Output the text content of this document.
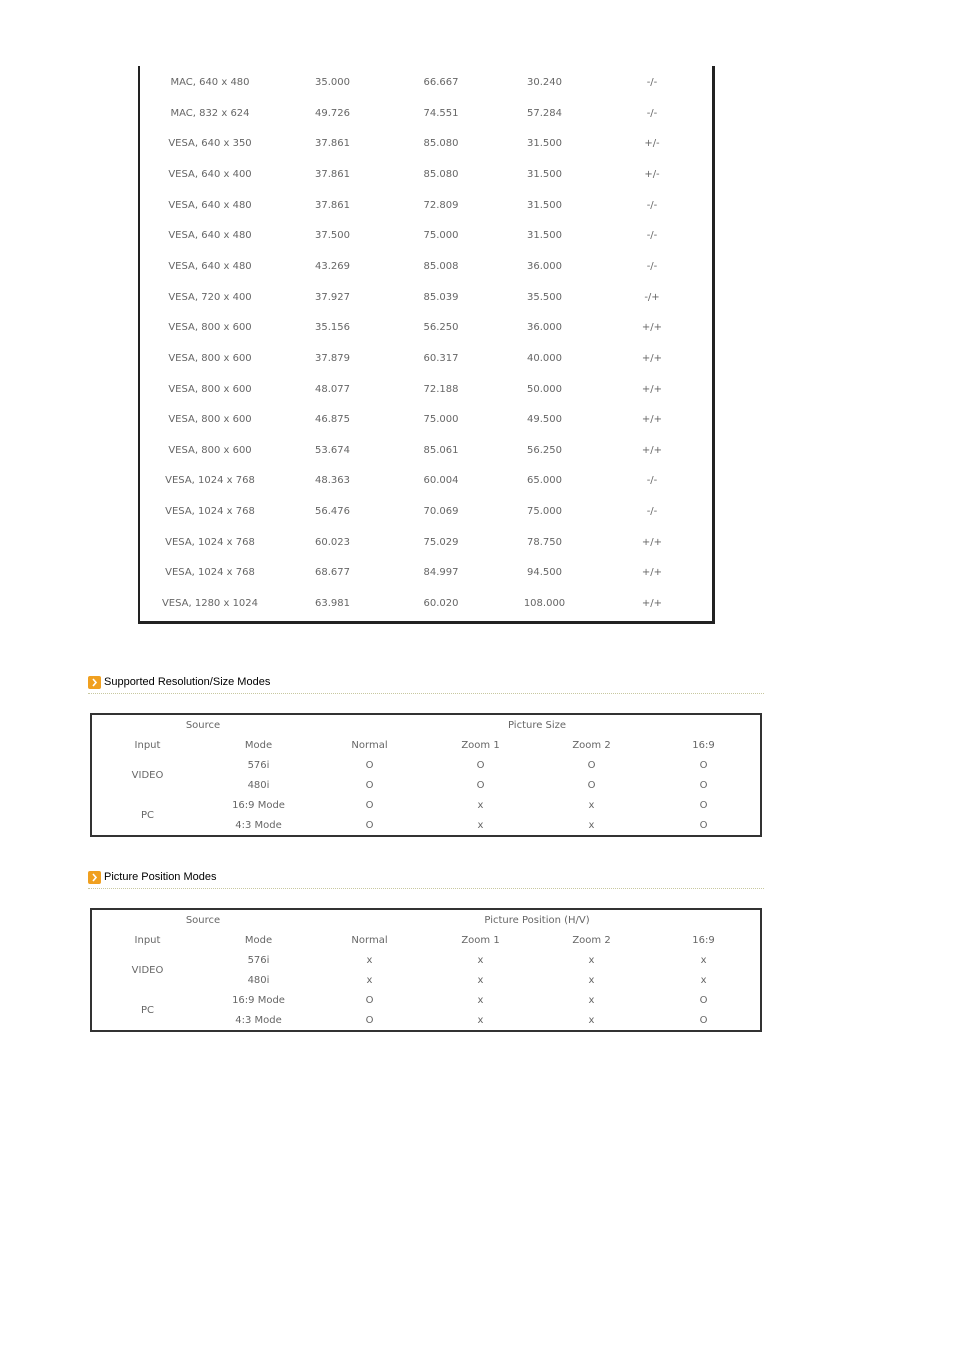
MAC, 640 x 480	35.000	66.667	30.240	-/-
MAC, 832 x 624	49.726	74.551	57.284	-/-
VESA, 640 x 350	37.861	85.080	31.500	+/-
VESA, 640 x 400	37.861	85.080	31.500	+/-
VESA, 640 x 480	37.861	72.809	31.500	-/-
VESA, 640 x 480	37.500	75.000	31.500	-/-
VESA, 640 x 480	43.269	85.008	36.000	-/-
VESA, 720 x 400	37.927	85.039	35.500	-/+
VESA, 800 x 600	35.156	56.250	36.000	+/+
VESA, 800 x 600	37.879	60.317	40.000	+/+
VESA, 800 x 600	48.077	72.188	50.000	+/+
VESA, 800 x 600	46.875	75.000	49.500	+/+
VESA, 800 x 600	53.674	85.061	56.250	+/+
VESA, 1024 x 768	48.363	60.004	65.000	-/-
VESA, 1024 x 768	56.476	70.069	75.000	-/-
VESA, 1024 x 768	60.023	75.029	78.750	+/+
VESA, 1024 x 768	68.677	84.997	94.500	+/+
VESA, 1280 x 1024	63.981	60.020	108.000	+/+
Supported Resolution/Size Modes
Source		Picture Size			
Input	Mode	Normal	Zoom 1	Zoom 2	16:9
VIDEO	576i	O	O	O	O
	480i	O	O	O	O
PC	16:9 Mode	O	x	x	O
	4:3 Mode	O	x	x	O
Picture Position Modes
Source		Picture Position (H/V)			
Input	Mode	Normal	Zoom 1	Zoom 2	16:9
VIDEO	576i	x	x	x	x
	480i	x	x	x	x
PC	16:9 Mode	O	x	x	O
	4:3 Mode	O	x	x	O
